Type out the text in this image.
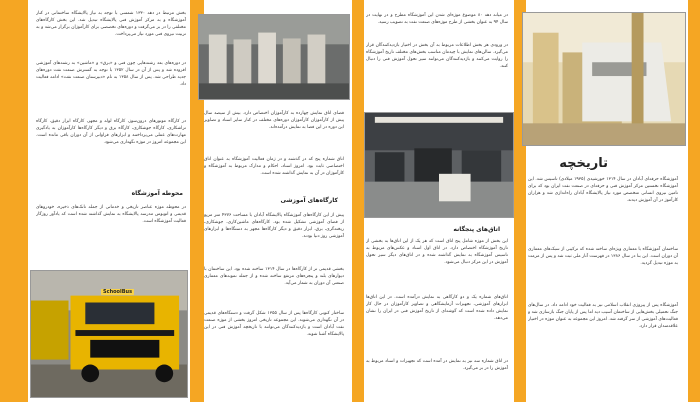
بخش مرتبط در دهه ۱۳۳۰ شمسی با توجه به نیاز پالایشگاه ساختمانی در کنار آموزشگاه و به مرکز آموزش فنی پالایشگاه تبدیل شد. این بخش کارگاه‌های مختلفی را در بر می‌گرفت و دوره‌های تخصصی برای کارآموزان برگزار می‌شد و به تربیت نیروی فنی مورد نیاز می‌پرداخت.
در دوره‌های بعد رشته‌هایی چون فنی و «برق» و «ماشین» به رشته‌های آموزشی افزوده شد و پس از آن در سال ۱۳۵۲ با توجه به گسترش صنعت نفت دوره‌های جدید طراحی شد. پس از سال ۱۳۵۸ به نام «دبیرستان صنعت نفت» ادامه فعالیت داد.
در کارگاه موتورهای درون‌سوز، کارگاه لوله و مجهز، کارگاه ابزار دقیق، کارگاه تراشکاری، کارگاه جوشکاری، کارگاه برق و دیگر کارگاه‌ها کارآموزان به یادگیری مهارت‌های عملی می‌پرداختند و ابزارهای فراوانی از آن دوران باقی مانده است. این مجموعه امروز در موزه نگهداری می‌شود.
محوطه آموزشگاه
در محوطه موزه عناصر تاریخی و خدماتی از جمله تانک‌های ذخیره، خودروهای قدیمی و اتوبوس مدرسه پالایشگاه به نمایش گذاشته شده است که یادآور روزگار فعالیت آموزشگاه است.
SchoolBus
فضای اتاق نمایش چهارده به کارآموزان اختصاص دارد. بیش از سیصد سال پیش از کارآموزان کارآموزان دوره‌های مختلف در کنار سایر اسناد و تصاویر این دوره در این فضا به نمایش درآمده‌اند.
اتاق شماره پنج که در گذشته و در زمان فعالیت آموزشگاه به عنوان اتاق اختصاصی ثابت بود. امروز اسناد، احکام و مدارک مربوط به آموزشگاه و کارآموزان در آن به نمایش گذاشته شده است.
کارگاه‌های آموزشی
پیش از این کارگاه‌های آموزشگاه پالایشگاه آبادان با مساحت ۴۳۷۶ متر مربع از فضای آموزشی تشکیل شده بود. کارگاه‌های ماشین‌کاری، جوشکاری، ریخته‌گری، برق، ابزار دقیق و دیگر کارگاه‌ها مجهز به دستگاه‌ها و ابزارهای آموزشی روز دنیا بودند.
بخشی قدیمی تر از کارگاه‌ها در سال ۱۳۱۴ ساخته شده بود. این ساختمان با دیوارهای بلند و پنجره‌های مرتفع ساخته شده و از جمله نمونه‌های معماری صنعتی آن دوران به شمار می‌آید.
ساختار کنونی کارگاه‌ها پس از سال ۱۳۵۵ شکل گرفت و دستگاه‌های قدیمی در آن نگهداری می‌شوند. این مجموعه تاریخی امروز بخشی از موزه صنعت نفت آبادان است و بازدیدکنندگان می‌توانند با تاریخچه آموزش فنی در این پالایشگاه آشنا شوند.
در میانه دهه ۸۰ موضوع موزه‌ای شدن این آموزشگاه مطرح و در نهایت در سال ۹۴ به عنوان بخشی از طرح موزه‌های صنعت نفت به تصویب رسید.
در ورودی هر بخش اطلاعات مربوط به آن بخش در اختیار بازدیدکنندگان قرار می‌گیرد. سالن‌های نمایش با چیدمان مناسب بخش‌های مختلف تاریخ آموزشگاه را روایت می‌کنند و بازدیدکنندگان می‌توانند سیر تحول آموزش فنی را دنبال کنند.
اتاق‌های پنجگانه
این بخش از موزه شامل پنج اتاق است که هر یک از این اتاق‌ها به بخشی از تاریخ آموزشگاه اختصاص دارد. در اتاق اول اسناد و عکس‌های مربوط به تاسیس آموزشگاه به نمایش گذاشته شده و در اتاق‌های دیگر سیر تحول آموزش در این مرکز دنبال می‌شود.
اتاق‌های شماره یک و دو کارگاهی به نمایش درآمده است. در این اتاق‌ها ابزارهای آموزشی، تجهیزات آزمایشگاهی و تصاویر کارآموزان در حال کار نمایش داده شده است که گوشه‌ای از تاریخ آموزش فنی در ایران را نشان می‌دهد.
در اتاق شماره سه نیز به نمایش در آمده است که تجهیزات و اسناد مربوط به آموزش را در بر می‌گیرد.
تاریخچه
آموزشگاه حرفه‌ای آبادان در سال ۱۳۱۴ خورشیدی (۱۹۳۵ میلادی) تاسیس شد. این آموزشگاه نخستین مرکز آموزش فنی و حرفه‌ای در صنعت نفت ایران بود که برای تامین نیروی انسانی متخصص مورد نیاز پالایشگاه آبادان راه‌اندازی شد و هزاران کارآموز در آن آموزش دیدند.
ساختمان آموزشگاه با معماری ویژه‌ای ساخته شده که ترکیبی از سبک‌های معماری آن دوران است. این بنا در سال ۱۳۸۶ در فهرست آثار ملی ثبت شد و پس از مرمت به موزه تبدیل گردید.
آموزشگاه پس از پیروزی انقلاب اسلامی نیز به فعالیت خود ادامه داد. در سال‌های جنگ تحمیلی بخش‌هایی از ساختمان آسیب دید اما پس از پایان جنگ بازسازی شد و فعالیت‌های آموزشی از سر گرفته شد. امروز این مجموعه به عنوان موزه در اختیار علاقه‌مندان قرار دارد.
